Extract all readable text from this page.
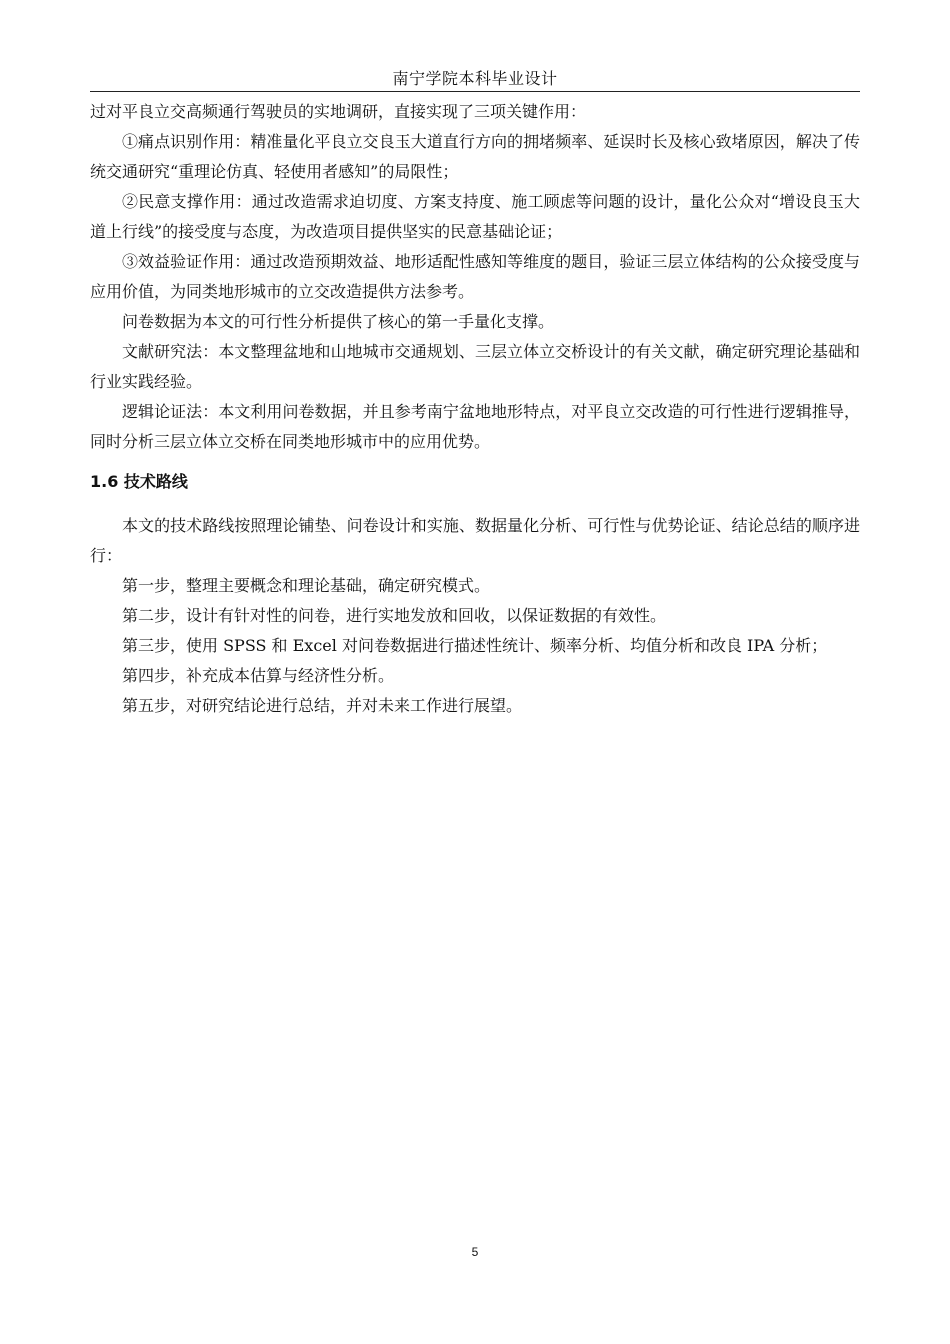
南宁学院本科毕业设计

过对平良立交高频通行驾驶员的实地调研，直接实现了三项关键作用：

①痛点识别作用：精准量化平良立交良玉大道直行方向的拥堵频率、延误时长及核心致堵原因，解决了传统交通研究“重理论仿真、轻使用者感知”的局限性；

②民意支撑作用：通过改造需求迫切度、方案支持度、施工顾虑等问题的设计，量化公众对“增设良玉大道上行线”的接受度与态度，为改造项目提供坚实的民意基础论证；

③效益验证作用：通过改造预期效益、地形适配性感知等维度的题目，验证三层立体结构的公众接受度与应用价值，为同类地形城市的立交改造提供方法参考。

问卷数据为本文的可行性分析提供了核心的第一手量化支撑。

文献研究法：本文整理盆地和山地城市交通规划、三层立体立交桥设计的有关文献，确定研究理论基础和行业实践经验。

逻辑论证法：本文利用问卷数据，并且参考南宁盆地地形特点，对平良立交改造的可行性进行逻辑推导，同时分析三层立体立交桥在同类地形城市中的应用优势。

1.6 技术路线

本文的技术路线按照理论铺垫、问卷设计和实施、数据量化分析、可行性与优势论证、结论总结的顺序进行：

第一步，整理主要概念和理论基础，确定研究模式。

第二步，设计有针对性的问卷，进行实地发放和回收，以保证数据的有效性。

第三步，使用 SPSS 和 Excel 对问卷数据进行描述性统计、频率分析、均值分析和改良 IPA 分析；

第四步，补充成本估算与经济性分析。

第五步，对研究结论进行总结，并对未来工作进行展望。

5
